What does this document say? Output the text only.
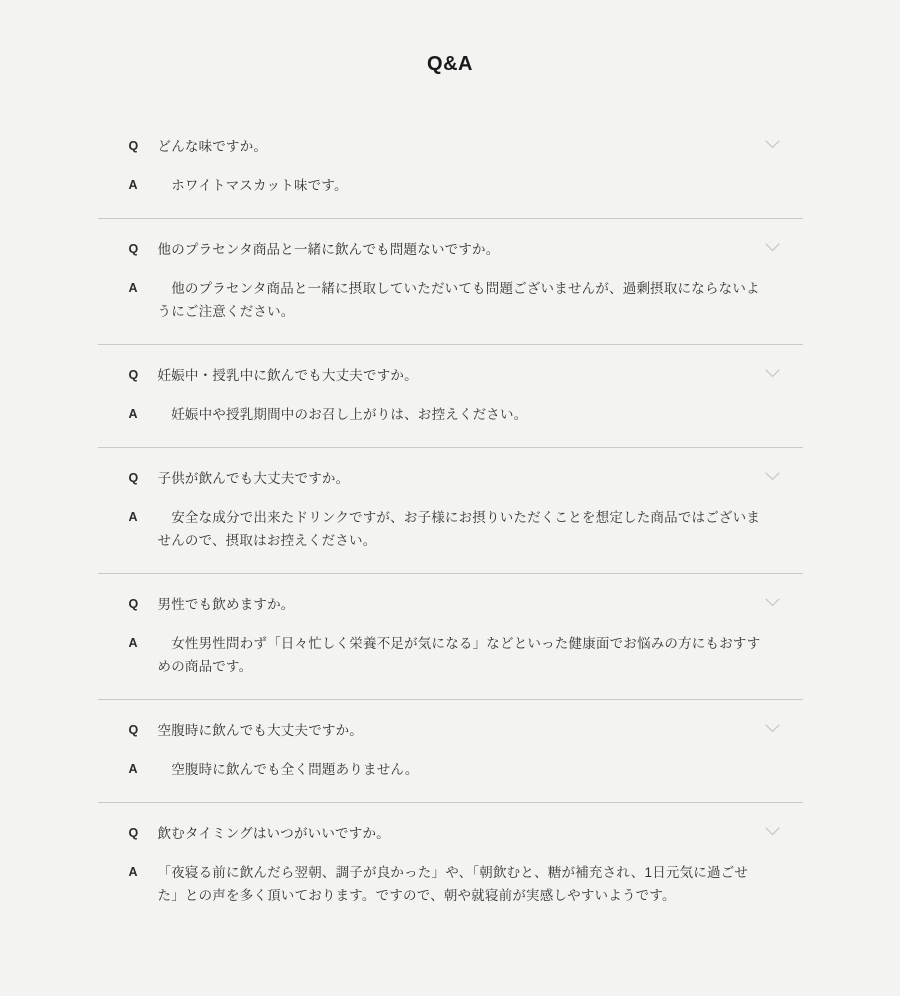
Q&A
Q	どんな味ですか。
A	　ホワイトマスカット味です。
Q	他のプラセンタ商品と一緒に飲んでも問題ないですか。
A	　他のプラセンタ商品と一緒に摂取していただいても問題ございませんが、過剰摂取にならないようにご注意ください。
Q	妊娠中・授乳中に飲んでも大丈夫ですか。
A	　妊娠中や授乳期間中のお召し上がりは、お控えください。
Q	子供が飲んでも大丈夫ですか。
A	　安全な成分で出来たドリンクですが、お子様にお摂りいただくことを想定した商品ではございませんので、摂取はお控えください。
Q	男性でも飲めますか。
A	　女性男性問わず「日々忙しく栄養不足が気になる」などといった健康面でお悩みの方にもおすすめの商品です。
Q	空腹時に飲んでも大丈夫ですか。
A	　空腹時に飲んでも全く問題ありません。
Q	飲むタイミングはいつがいいですか。
A	「夜寝る前に飲んだら翌朝、調子が良かった」や、「朝飲むと、糖が補充され、1日元気に過ごせた」との声を多く頂いております。ですので、朝や就寝前が実感しやすいようです。
